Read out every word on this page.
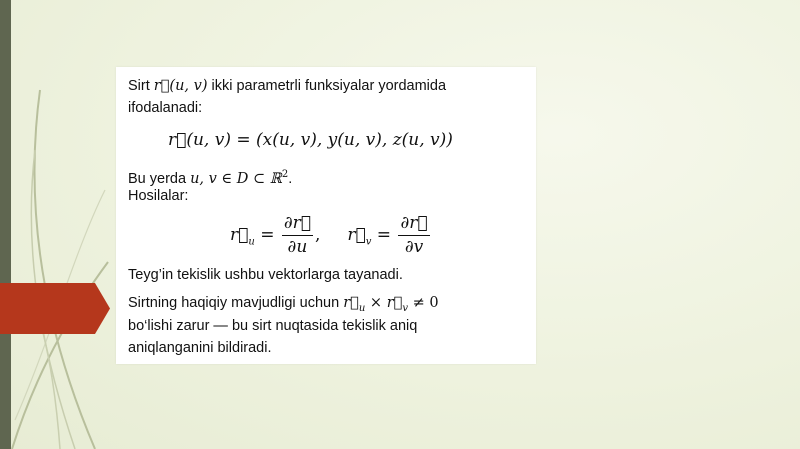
Sirt r⃗(u, v) ikki parametrli funksiyalar yordamida
ifodalanadi:
r⃗(u, v) = (x(u, v), y(u, v), z(u, v))
Bu yerda u, v ∈ D ⊂ ℝ$^2$.
Hosilalar:
$r⃗_u = \frac{\partial r⃗}{\partial u}$ , $r⃗_v = \frac{\partial r⃗}{\partial v}$
Teyg’in tekislik ushbu vektorlarga tayanadi.
Sirtning haqiqiy mavjudligi uchun $r⃗_u$ × $r⃗_v \ne 0$
bo‘lishi zarur — bu sirt nuqtasida tekislik aniq
aniqlanganini bildiradi.
